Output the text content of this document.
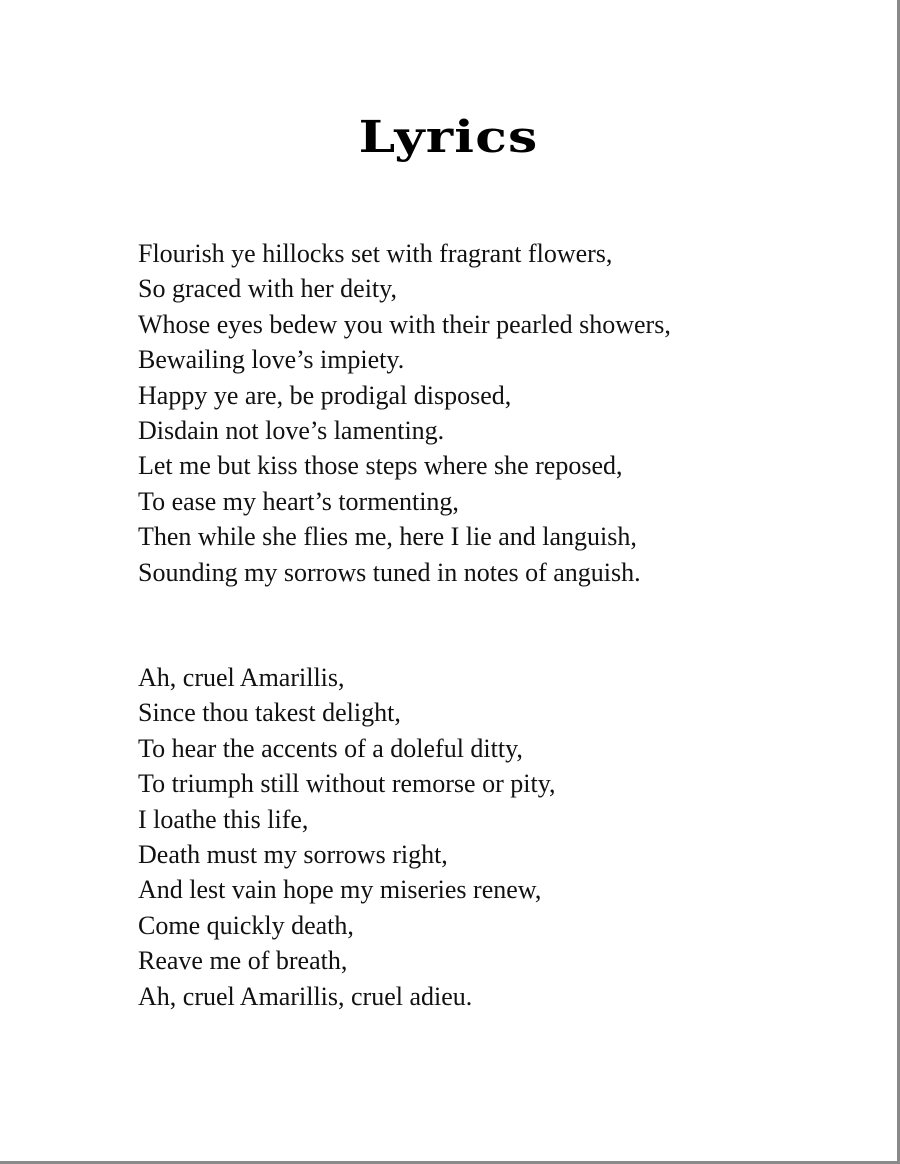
Lyrics
Flourish ye hillocks set with fragrant flowers,
So graced with her deity,
Whose eyes bedew you with their pearled showers,
Bewailing love’s impiety.
Happy ye are, be prodigal disposed,
Disdain not love’s lamenting.
Let me but kiss those steps where she reposed,
To ease my heart’s tormenting,
Then while she flies me, here I lie and languish,
Sounding my sorrows tuned in notes of anguish.
Ah, cruel Amarillis,
Since thou takest delight,
To hear the accents of a doleful ditty,
To triumph still without remorse or pity,
I loathe this life,
Death must my sorrows right,
And lest vain hope my miseries renew,
Come quickly death,
Reave me of breath,
Ah, cruel Amarillis, cruel adieu.
